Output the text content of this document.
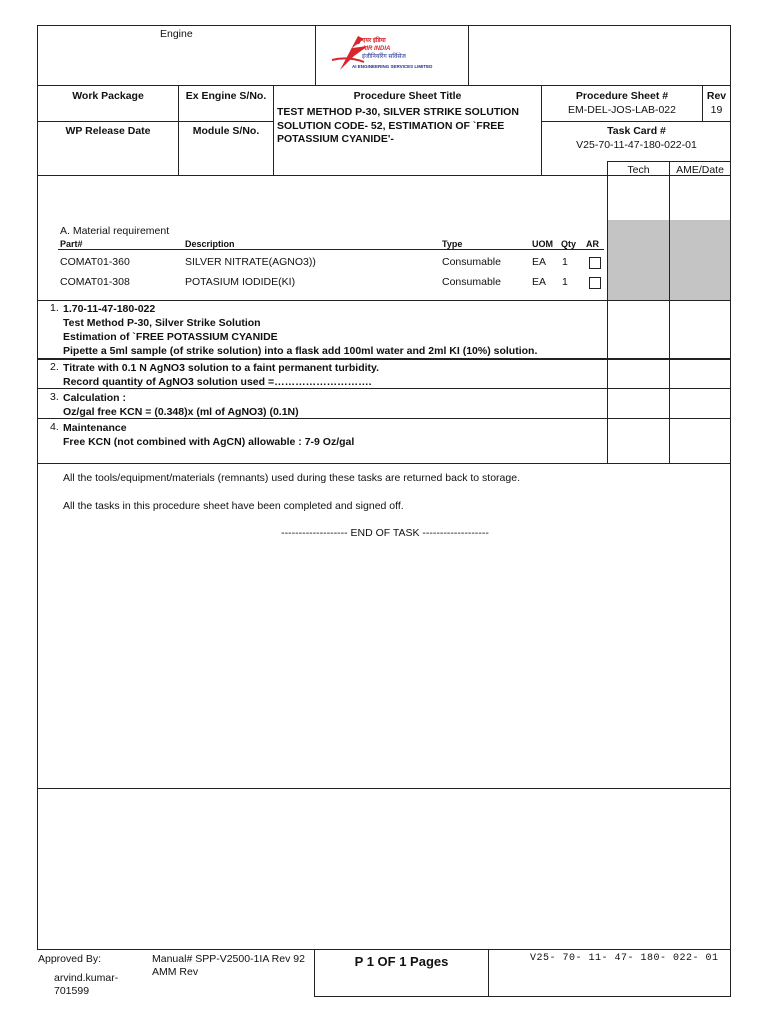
Engine
एयर इंडिया
AIR INDIA
इंजीनियरिंग सर्विसेज
AI ENGINEERING SERVICES LIMITED
Work Package	Ex Engine S/No.	Procedure Sheet Title
TEST METHOD P-30, SILVER STRIKE SOLUTION
SOLUTION CODE- 52, ESTIMATION OF `FREE
POTASSIUM CYANIDE'-
Procedure Sheet #
EM-DEL-JOS-LAB-022
Rev
19
WP Release Date	Module S/No.	Task Card #
V25-70-11-47-180-022-01
Tech	AME/Date
A. Material requirement
Part#	Description	Type	UOM Qty AR
COMAT01-360	SILVER NITRATE(AGNO3))	Consumable	EA 1
COMAT01-308	POTASIUM IODIDE(KI)	Consumable	EA 1
1. 1.70-11-47-180-022
Test Method P-30, Silver Strike Solution
Estimation of `FREE POTASSIUM CYANIDE
Pipette a 5ml sample (of strike solution) into a flask add 100ml water and 2ml KI (10%) solution.
2. Titrate with 0.1 N AgNO3 solution to a faint permanent turbidity.
Record quantity of AgNO3 solution used =……………………….
3. Calculation :
Oz/gal free KCN = (0.348)x (ml of AgNO3) (0.1N)
4. Maintenance
Free KCN (not combined with AgCN) allowable : 7-9 Oz/gal
All the tools/equipment/materials (remnants) used during these tasks are returned back to storage.
All the tasks in this procedure sheet have been completed and signed off.
------------------- END OF TASK -------------------
Approved By:
arvind.kumar-
701599
Manual# SPP-V2500-1IA Rev 92
AMM Rev
P 1 OF 1 Pages	V25- 70- 11- 47- 180- 022- 01
